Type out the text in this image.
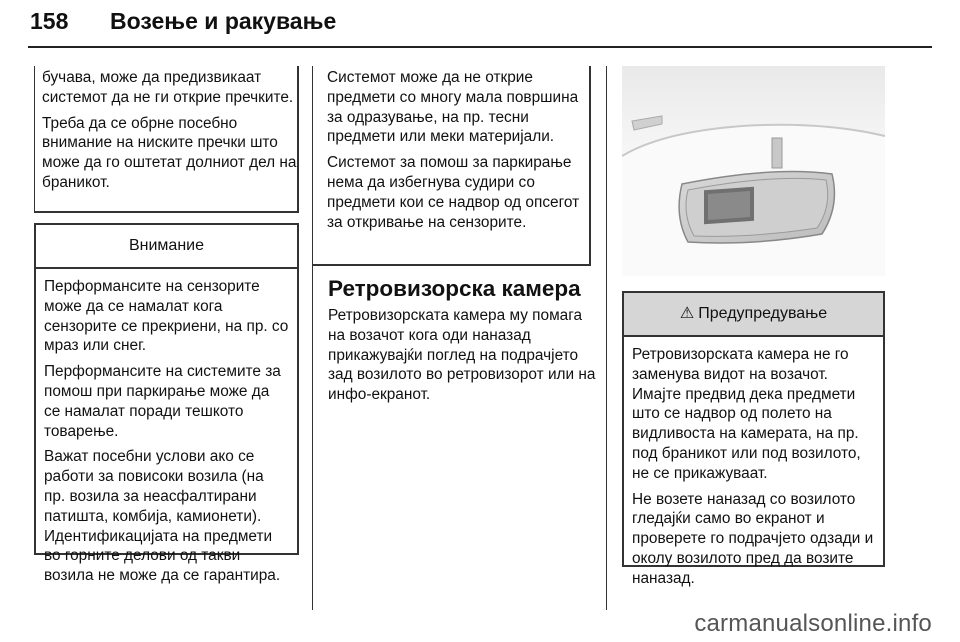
158 Возење и ракување

бучава, може да предизвикаат системот да не ги открие пречките.

Треба да се обрне посебно внимание на ниските пречки што може да го оштетат долниот дел на браникот.

Внимание

Перформансите на сензорите може да се намалат кога сензорите се прекриени, на пр. со мраз или снег.

Перформансите на системите за помош при паркирање може да се намалат поради тешкото товарење.

Важат посебни услови ако се работи за повисоки возила (на пр. возила за неасфалтирани патишта, комбија, камионети). Идентификацијата на предмети во горните делови од такви возила не може да се гарантира.

Системот може да не открие предмети со многу мала површина за одразување, на пр. тесни предмети или меки материјали.

Системот за помош за паркирање нема да избегнува судири со предмети кои се надвор од опсегот за откривање на сензорите.

Ретровизорска камера
Ретровизорската камера му помага на возачот кога оди наназад прикажувајќи поглед на подрачјето зад возилото во ретровизорот или на инфо-екранот.
⚠ Предупредување

Ретровизорската камера не го заменува видот на возачот. Имајте предвид дека предмети што се надвор од полето на видливоста на камерата, на пр. под браникот или под возилото, не се прикажуваат.

Не возете наназад со возилото гледајќи само во екранот и проверете го подрачјето одзади и околу возилото пред да возите наназад.

carmanualsonline.info
